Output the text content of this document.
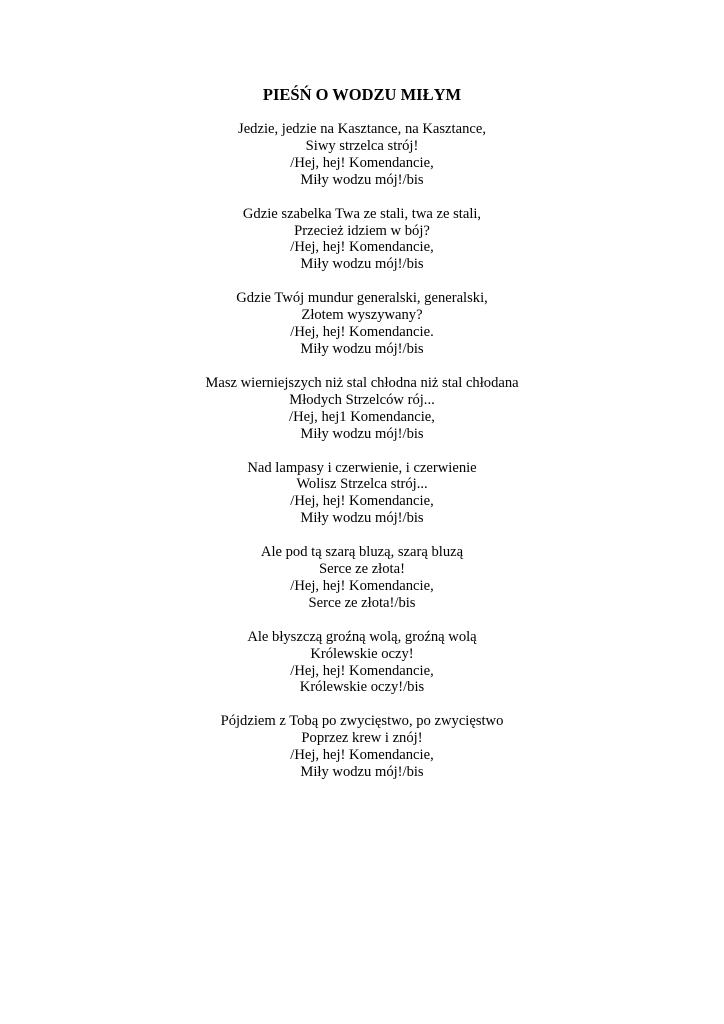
PIEŚŃ O WODZU MIŁYM
Jedzie, jedzie na Kasztance, na Kasztance,
Siwy strzelca strój!
/Hej, hej! Komendancie,
Miły wodzu mój!/bis
Gdzie szabelka Twa ze stali, twa ze stali,
Przecież idziem w bój?
/Hej, hej! Komendancie,
Miły wodzu mój!/bis
Gdzie Twój mundur generalski, generalski,
Złotem wyszywany?
/Hej, hej! Komendancie.
Miły wodzu mój!/bis
Masz wierniejszych niż stal chłodna niż stal chłodana
Młodych Strzelców rój...
/Hej, hej1 Komendancie,
Miły wodzu mój!/bis
Nad lampasy i czerwienie, i czerwienie
Wolisz Strzelca strój...
/Hej, hej! Komendancie,
Miły wodzu mój!/bis
Ale pod tą szarą bluzą, szarą bluzą
Serce ze złota!
/Hej, hej! Komendancie,
Serce ze złota!/bis
Ale błyszczą groźną wolą, groźną wolą
Królewskie oczy!
/Hej, hej! Komendancie,
Królewskie oczy!/bis
Pójdziem z Tobą po zwycięstwo, po zwycięstwo
Poprzez krew i znój!
/Hej, hej! Komendancie,
Miły wodzu mój!/bis
